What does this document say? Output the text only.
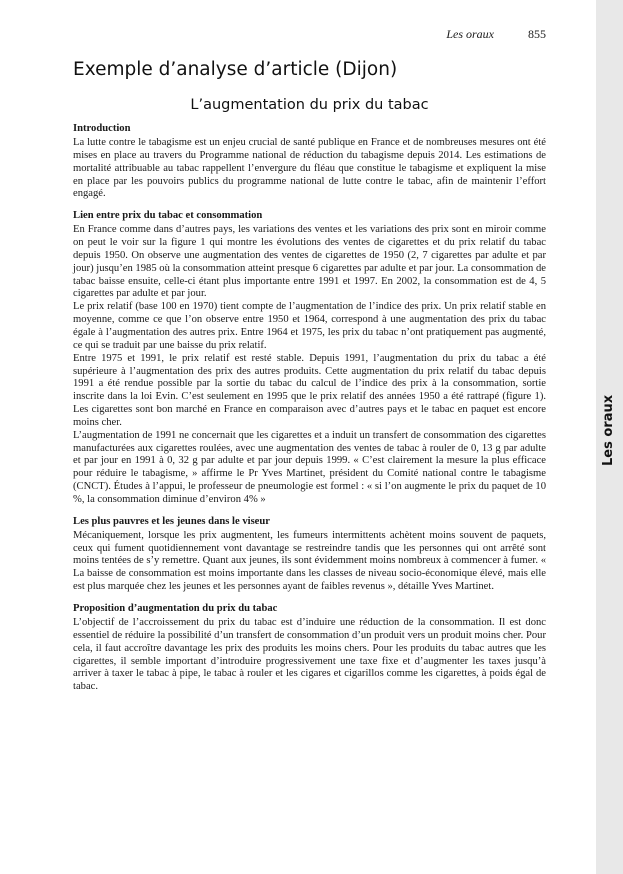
Les oraux
Les oraux	855
Exemple d’analyse d’article (Dijon)
L’augmentation du prix du tabac
Introduction

La lutte contre le tabagisme est un enjeu crucial de santé publique en France et de nombreuses mesures ont été mises en place au travers du Programme national de réduction du tabagisme depuis 2014. Les estimations de mortalité attribuable au tabac rappellent l’envergure du fléau que constitue le tabagisme et expliquent la mise en place par les pouvoirs publics du programme national de lutte contre le tabac, afin de maintenir l’effort engagé.

Lien entre prix du tabac et consommation

En France comme dans d’autres pays, les variations des ventes et les variations des prix sont en miroir comme on peut le voir sur la figure 1 qui montre les évolutions des ventes de cigarettes et du prix relatif du tabac depuis 1950. On observe une augmentation des ventes de cigarettes de 1950 (2, 7 cigarettes par adulte et par jour) jusqu’en 1985 où la consommation atteint presque 6 cigarettes par adulte et par jour. La consommation de tabac baisse ensuite, celle-ci étant plus importante entre 1991 et 1997. En 2002, la consommation est de 4, 5 cigarettes par adulte et par jour.

Le prix relatif (base 100 en 1970) tient compte de l’augmentation de l’indice des prix. Un prix relatif stable en moyenne, comme ce que l’on observe entre 1950 et 1964, correspond à une augmentation des prix du tabac égale à l’augmentation des autres prix. Entre 1964 et 1975, les prix du tabac n’ont pratiquement pas augmenté, ce qui se traduit par une baisse du prix relatif.

Entre 1975 et 1991, le prix relatif est resté stable. Depuis 1991, l’augmentation du prix du tabac a été supérieure à l’augmentation des prix des autres produits. Cette augmentation du prix relatif du tabac depuis 1991 a été rendue possible par la sortie du tabac du calcul de l’indice des prix à la consommation, sortie inscrite dans la loi Evin. C’est seulement en 1995 que le prix relatif des années 1950 a été rattrapé (figure 1). Les cigarettes sont bon marché en France en comparaison avec d’autres pays et le tabac en paquet est encore moins cher.

L’augmentation de 1991 ne concernait que les cigarettes et a induit un transfert de consommation des cigarettes manufacturées aux cigarettes roulées, avec une augmentation des ventes de tabac à rouler de 0, 13 g par adulte et par jour en 1991 à 0, 32 g par adulte et par jour depuis 1999. « C’est clairement la mesure la plus efficace pour réduire le tabagisme, » affirme le Pr Yves Martinet, président du Comité national contre le tabagisme (CNCT). Études à l’appui, le professeur de pneumologie est formel : « si l’on augmente le prix du paquet de 10 %, la consommation diminue d’environ 4% »

Les plus pauvres et les jeunes dans le viseur

Mécaniquement, lorsque les prix augmentent, les fumeurs intermittents achètent moins souvent de paquets, ceux qui fument quotidiennement vont davantage se restreindre tandis que les personnes qui ont arrêté sont moins tentées de s’y remettre. Quant aux jeunes, ils sont évidemment moins nombreux à commencer à fumer. « La baisse de consommation est moins importante dans les classes de niveau socio-économique élevé, mais elle est plus marquée chez les jeunes et les personnes ayant de faibles revenus », détaille Yves Martinet.

Proposition d’augmentation du prix du tabac

L’objectif de l’accroissement du prix du tabac est d’induire une réduction de la consommation. Il est donc essentiel de réduire la possibilité d’un transfert de consommation d’un produit vers un produit moins cher. Pour cela, il faut accroître davantage les prix des produits les moins chers. Pour les produits du tabac autres que les cigarettes, il semble important d’introduire progressivement une taxe fixe et d’augmenter les taxes jusqu’à arriver à taxer le tabac à pipe, le tabac à rouler et les cigares et cigarillos comme les cigarettes, à poids égal de tabac.
